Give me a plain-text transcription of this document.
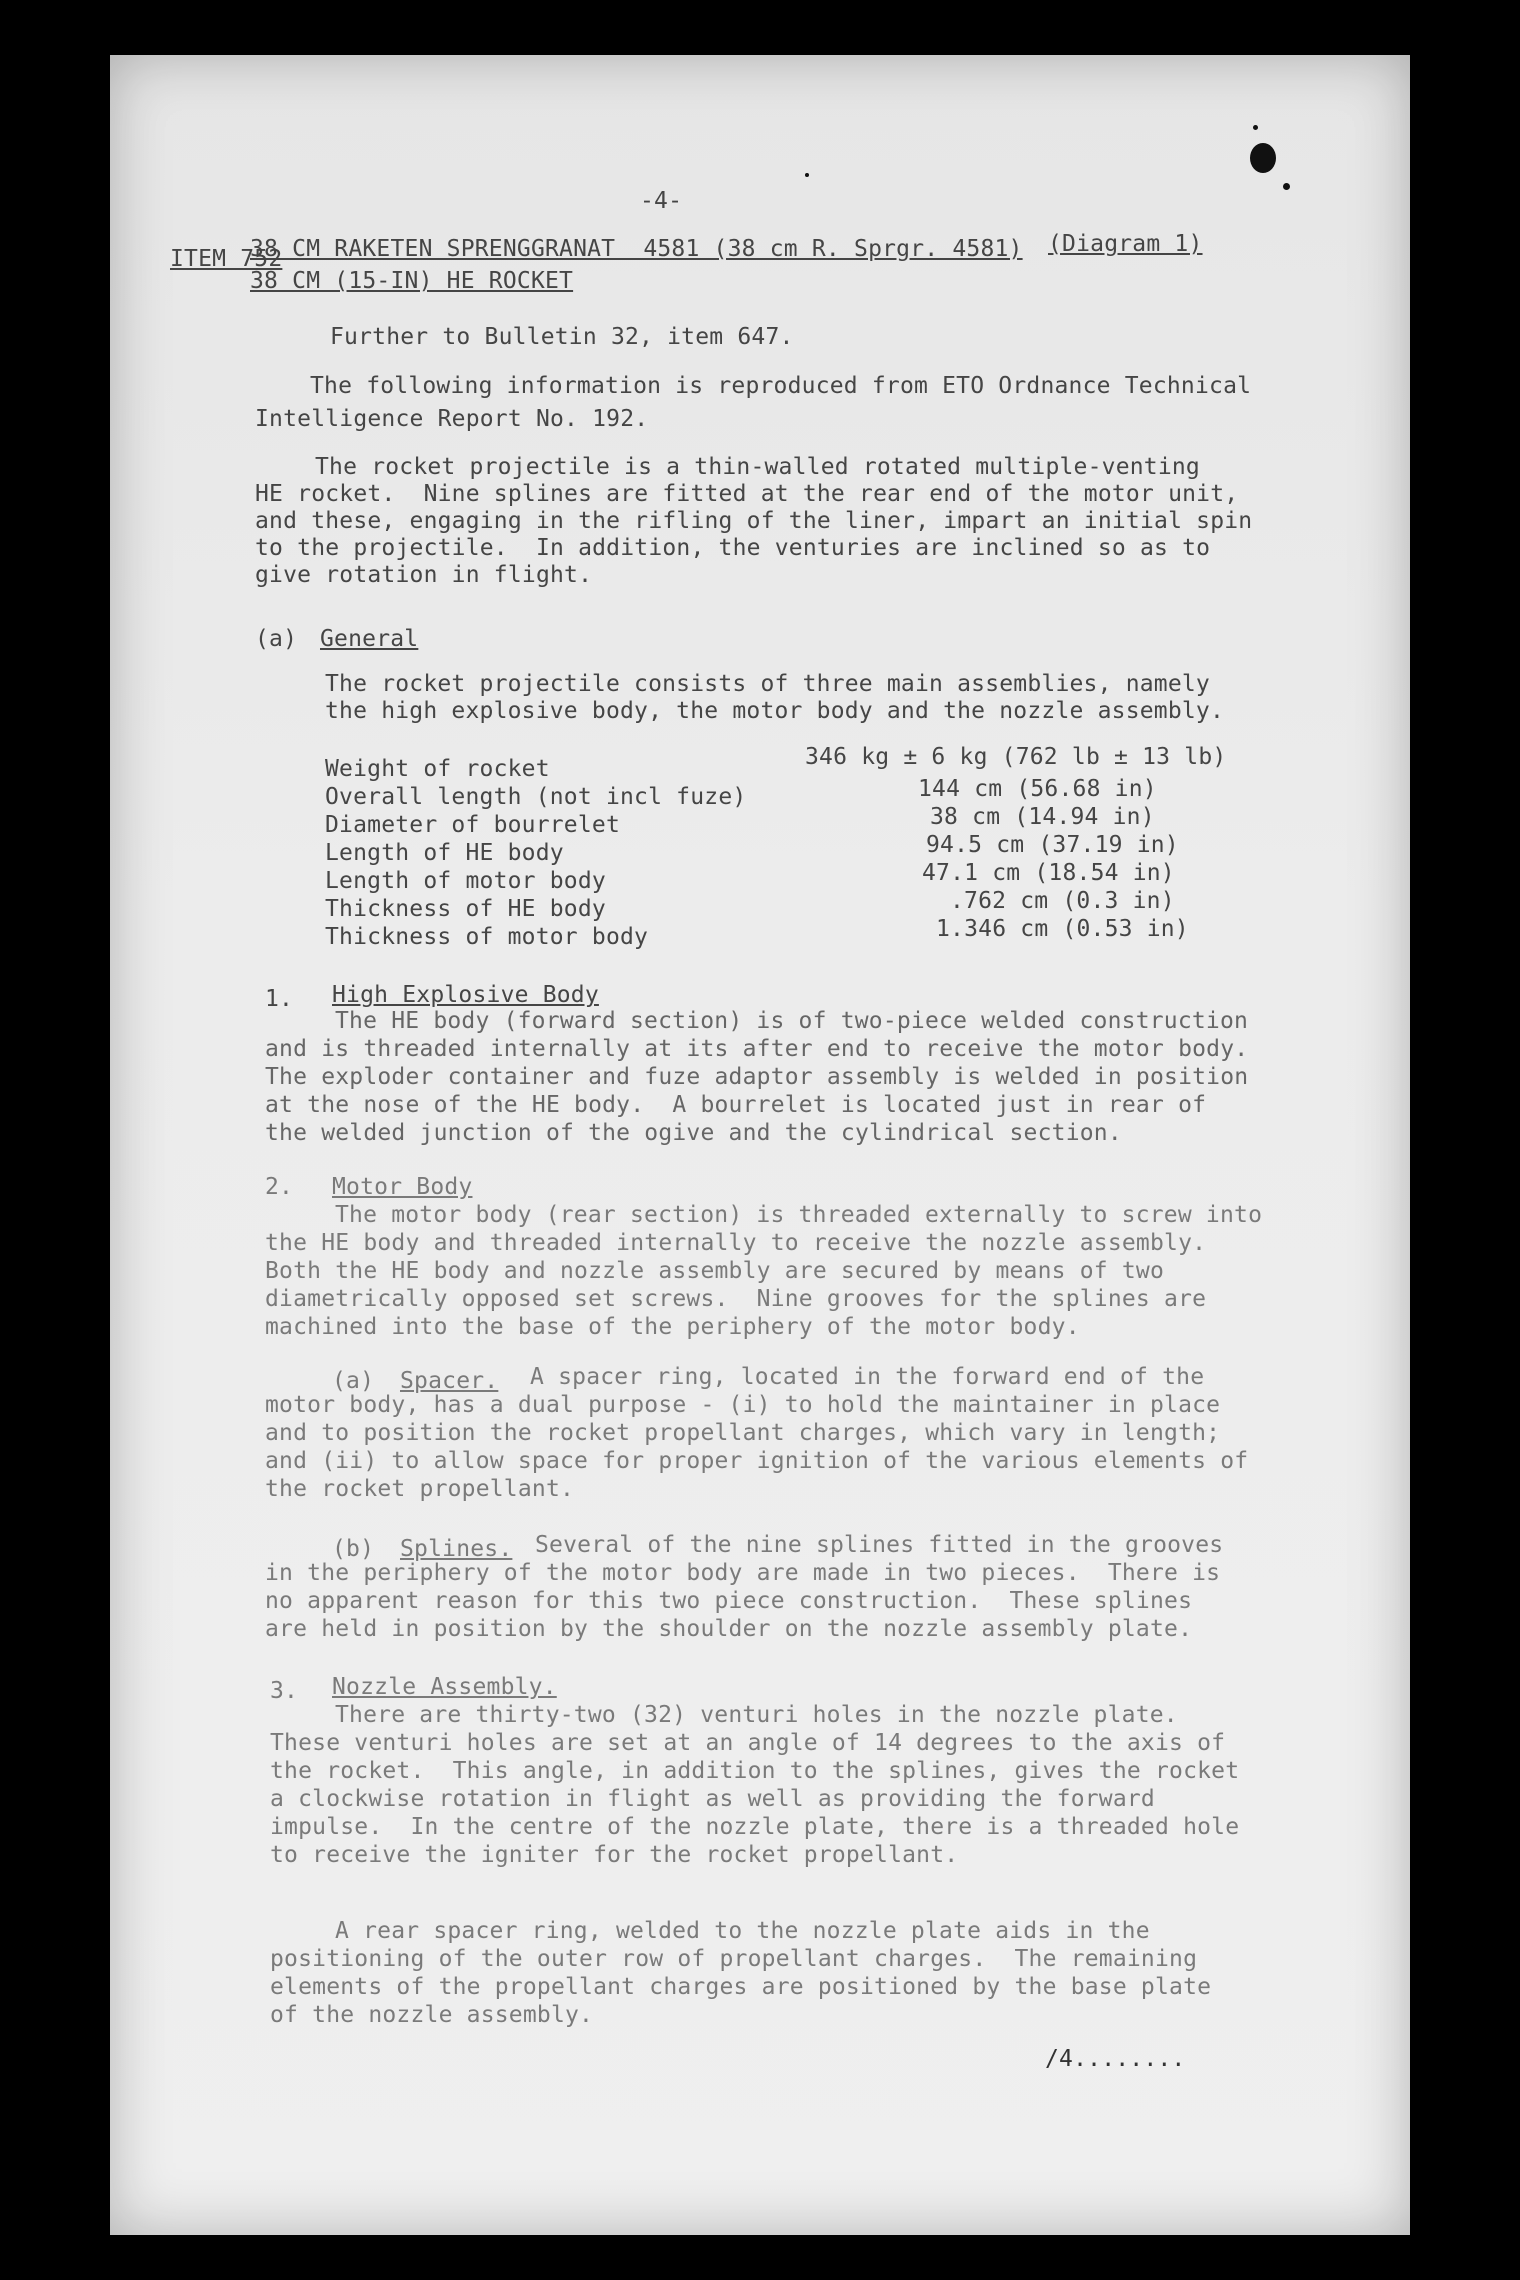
-4-
ITEM 752
38 CM RAKETEN SPRENGGRANAT  4581 (38 cm R. Sprgr. 4581) (Diagram 1)
38 CM (15-IN) HE ROCKET
Further to Bulletin 32, item 647.
The following information is reproduced from ETO Ordnance Technical
Intelligence Report No. 192.
The rocket projectile is a thin-walled rotated multiple-venting
HE rocket.  Nine splines are fitted at the rear end of the motor unit,
and these, engaging in the rifling of the liner, impart an initial spin
to the projectile.  In addition, the venturies are inclined so as to
give rotation in flight.
(a) General
The rocket projectile consists of three main assemblies, namely
the high explosive body, the motor body and the nozzle assembly.
Weight of rocket	346 kg ± 6 kg (762 lb ± 13 lb)
Overall length (not incl fuze)	144 cm (56.68 in)
Diameter of bourrelet	38 cm (14.94 in)
Length of HE body	94.5 cm (37.19 in)
Length of motor body	47.1 cm (18.54 in)
Thickness of HE body	.762 cm (0.3 in)
Thickness of motor body	1.346 cm (0.53 in)
1. High Explosive Body
The HE body (forward section) is of two-piece welded construction
and is threaded internally at its after end to receive the motor body.
The exploder container and fuze adaptor assembly is welded in position
at the nose of the HE body.  A bourrelet is located just in rear of
the welded junction of the ogive and the cylindrical section.
2. Motor Body
The motor body (rear section) is threaded externally to screw into
the HE body and threaded internally to receive the nozzle assembly.
Both the HE body and nozzle assembly are secured by means of two
diametrically opposed set screws.  Nine grooves for the splines are
machined into the base of the periphery of the motor body.
(a) Spacer. A spacer ring, located in the forward end of the
motor body, has a dual purpose - (i) to hold the maintainer in place
and to position the rocket propellant charges, which vary in length;
and (ii) to allow space for proper ignition of the various elements of
the rocket propellant.
(b) Splines. Several of the nine splines fitted in the grooves
in the periphery of the motor body are made in two pieces.  There is
no apparent reason for this two piece construction.  These splines
are held in position by the shoulder on the nozzle assembly plate.
3. Nozzle Assembly.
There are thirty-two (32) venturi holes in the nozzle plate.
These venturi holes are set at an angle of 14 degrees to the axis of
the rocket.  This angle, in addition to the splines, gives the rocket
a clockwise rotation in flight as well as providing the forward
impulse.  In the centre of the nozzle plate, there is a threaded hole
to receive the igniter for the rocket propellant.
A rear spacer ring, welded to the nozzle plate aids in the
positioning of the outer row of propellant charges.  The remaining
elements of the propellant charges are positioned by the base plate
of the nozzle assembly.
/4........
